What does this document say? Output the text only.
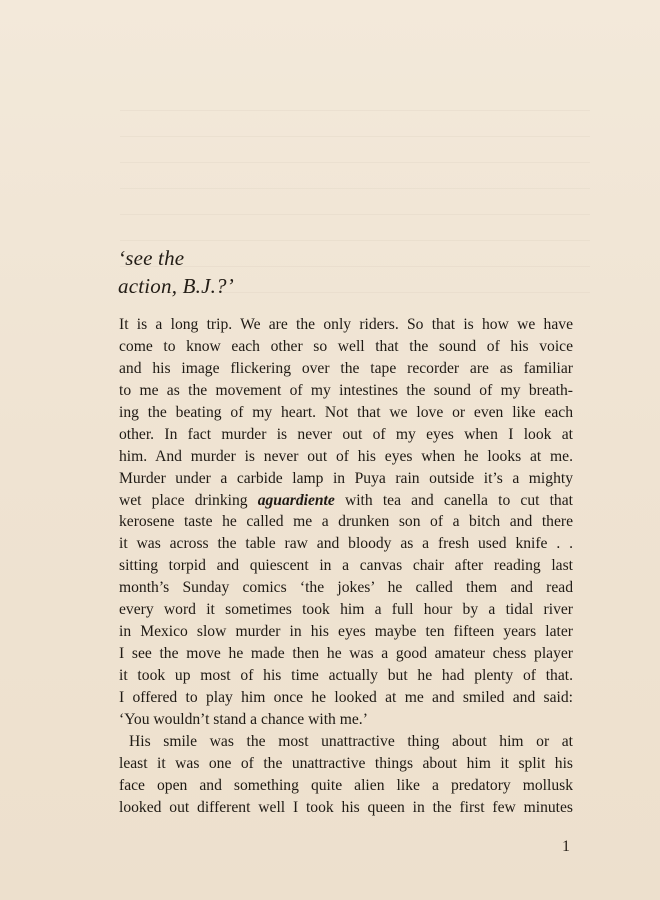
‘see the
action, B.J.?’
It is a long trip. We are the only riders. So that is how we have
come to know each other so well that the sound of his voice
and his image flickering over the tape recorder are as familiar
to me as the movement of my intestines the sound of my breath-
ing the beating of my heart. Not that we love or even like each
other. In fact murder is never out of my eyes when I look at
him. And murder is never out of his eyes when he looks at me.
Murder under a carbide lamp in Puya rain outside it’s a mighty
wet place drinking aguardiente with tea and canella to cut that
kerosene taste he called me a drunken son of a bitch and there
it was across the table raw and bloody as a fresh used knife . .
sitting torpid and quiescent in a canvas chair after reading last
month’s Sunday comics ‘the jokes’ he called them and read
every word it sometimes took him a full hour by a tidal river
in Mexico slow murder in his eyes maybe ten fifteen years later
I see the move he made then he was a good amateur chess player
it took up most of his time actually but he had plenty of that.
I offered to play him once he looked at me and smiled and said:
‘You wouldn’t stand a chance with me.’
His smile was the most unattractive thing about him or at
least it was one of the unattractive things about him it split his
face open and something quite alien like a predatory mollusk
looked out different well I took his queen in the first few minutes
1
